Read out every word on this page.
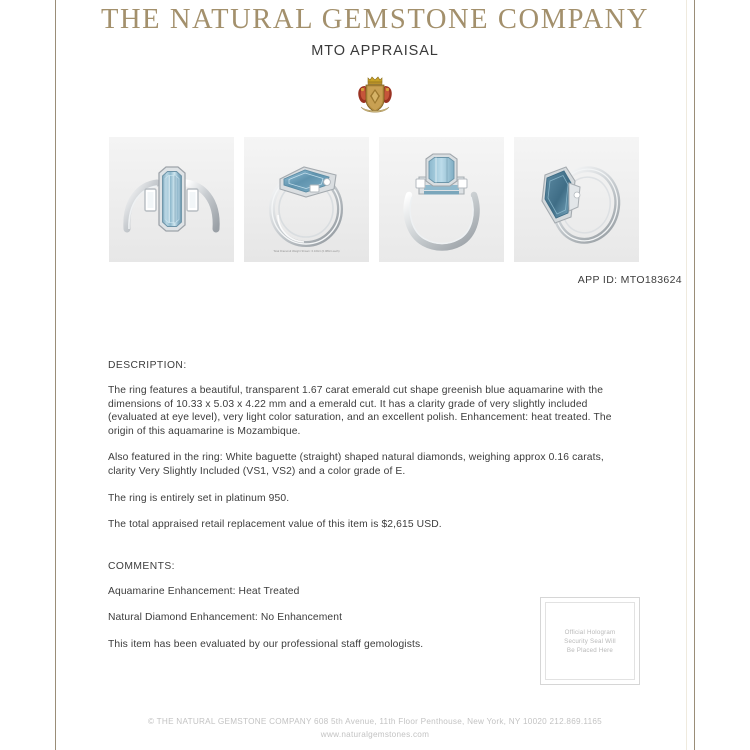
THE NATURAL GEMSTONE COMPANY
MTO APPRAISAL
Total Diamond Weight Shown: 0.160ct (0.080ct each)
APP ID: MTO183624

DESCRIPTION:

The ring features a beautiful, transparent 1.67 carat emerald cut shape greenish blue aquamarine with the dimensions of 10.33 x 5.03 x 4.22 mm and a emerald cut. It has a clarity grade of very slightly included (evaluated at eye level), very light color saturation, and an excellent polish. Enhancement: heat treated. The origin of this aquamarine is Mozambique.

Also featured in the ring: White baguette (straight) shaped natural diamonds, weighing approx 0.16 carats, clarity Very Slightly Included (VS1, VS2) and a color grade of E.

The ring is entirely set in platinum 950.

The total appraised retail replacement value of this item is $2,615 USD.

COMMENTS:

Aquamarine Enhancement: Heat Treated

Natural Diamond Enhancement: No Enhancement

This item has been evaluated by our professional staff gemologists.

Official Hologram
Security Seal Will
Be Placed Here
© THE NATURAL GEMSTONE COMPANY 608 5th Avenue, 11th Floor Penthouse, New York, NY 10020 212.869.1165
www.naturalgemstones.com
